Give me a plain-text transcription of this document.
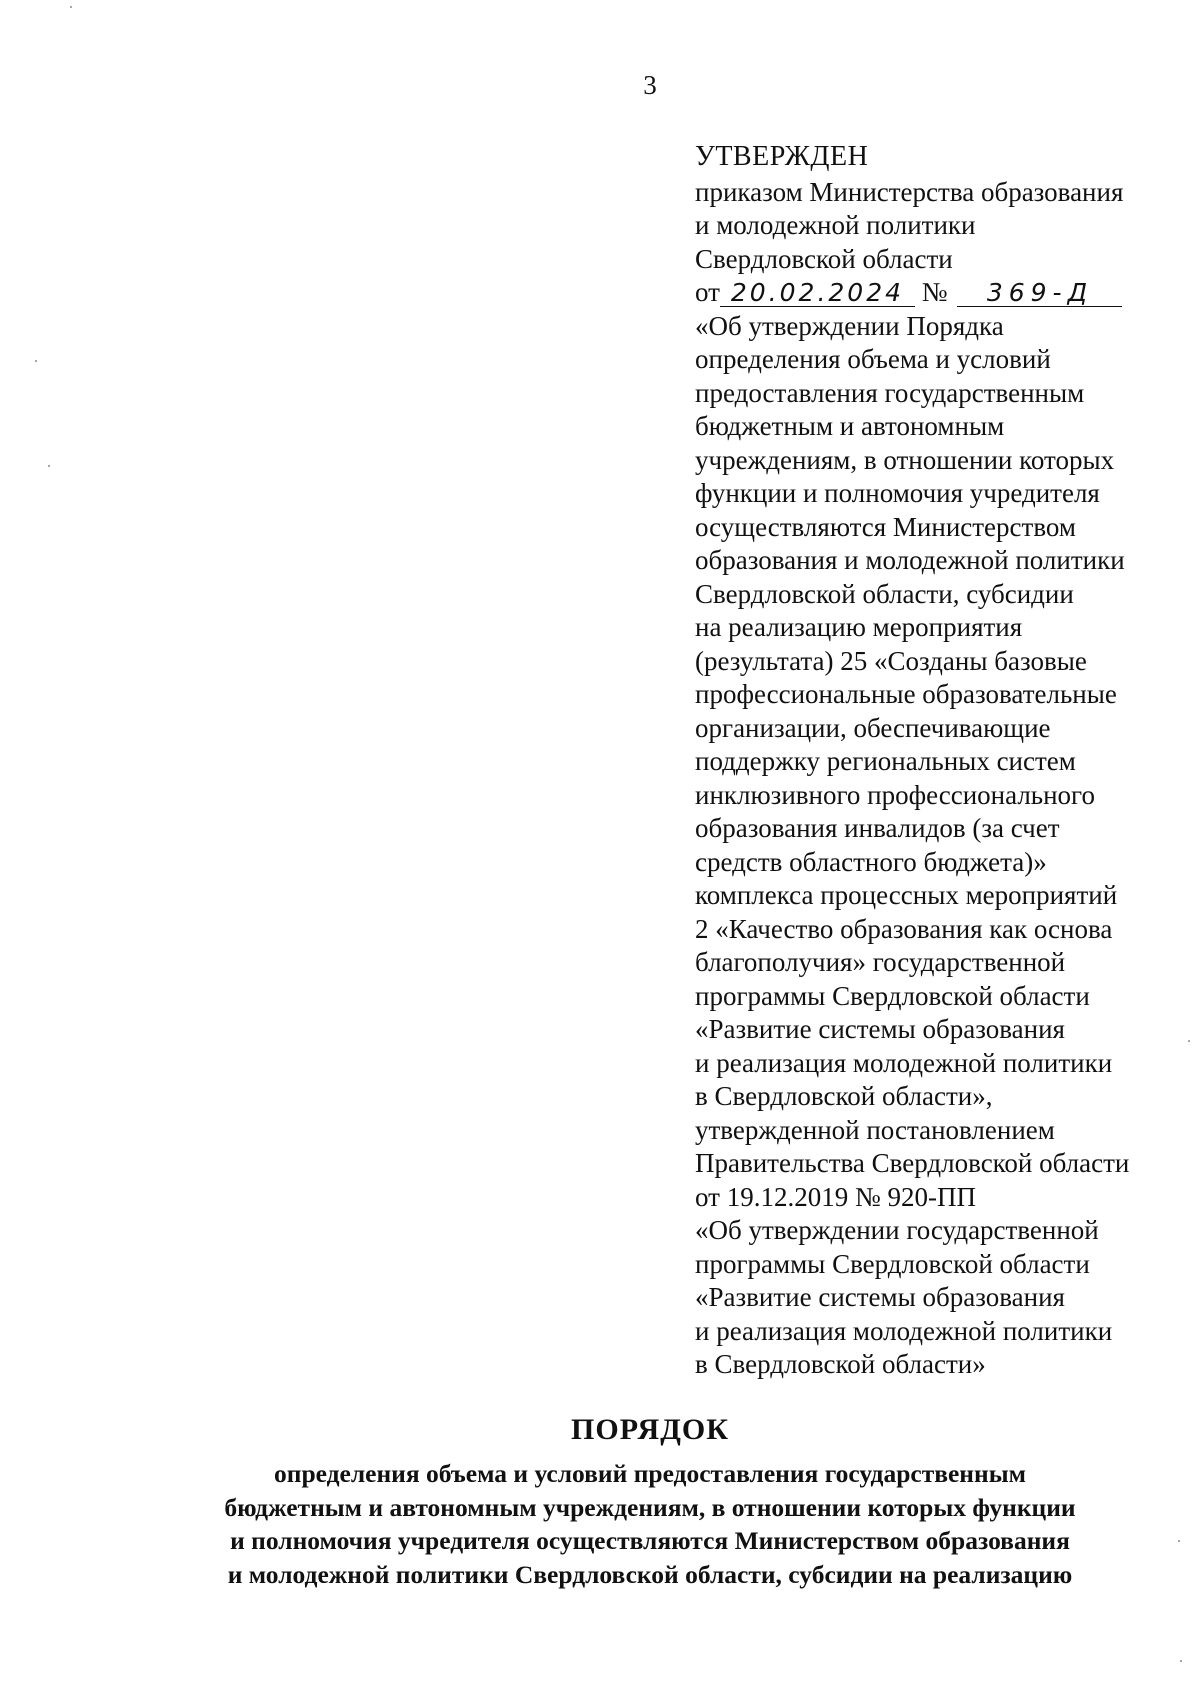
3
УТВЕРЖДЕН
приказом Министерства образования
и молодежной политики
Свердловской области
от 20.02.2024 № 369-Д
«Об утверждении Порядка
определения объема и условий
предоставления государственным
бюджетным и автономным
учреждениям, в отношении которых
функции и полномочия учредителя
осуществляются Министерством
образования и молодежной политики
Свердловской области, субсидии
на реализацию мероприятия
(результата) 25 «Созданы базовые
профессиональные образовательные
организации, обеспечивающие
поддержку региональных систем
инклюзивного профессионального
образования инвалидов (за счет
средств областного бюджета)»
комплекса процессных мероприятий
2 «Качество образования как основа
благополучия» государственной
программы Свердловской области
«Развитие системы образования
и реализация молодежной политики
в Свердловской области»,
утвержденной постановлением
Правительства Свердловской области
от 19.12.2019 № 920-ПП
«Об утверждении государственной
программы Свердловской области
«Развитие системы образования
и реализация молодежной политики
в Свердловской области»
ПОРЯДОК
определения объема и условий предоставления государственным
бюджетным и автономным учреждениям, в отношении которых функции
и полномочия учредителя осуществляются Министерством образования
и молодежной политики Свердловской области, субсидии на реализацию
